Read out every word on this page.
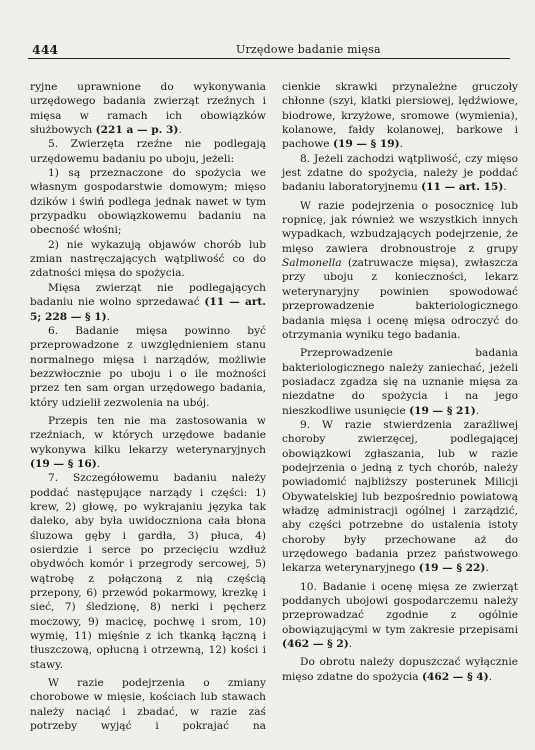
444	Urzędowe badanie mięsa

ryjne uprawnione do wykonywania urzędowego badania zwierząt rzeźnych i mięsa w ramach ich obowiązków służbowych (221 a — p. 3).

5. Zwierzęta rzeźne nie podlegają urzędowemu badaniu po uboju, jeżeli:

1) są przeznaczone do spożycia we własnym gospodarstwie domowym; mięso dzików i świń podlega jednak nawet w tym przypadku obowiązkowemu badaniu na obecność włośni;

2) nie wykazują objawów chorób lub zmian nastręczających wątpliwość co do zdatności mięsa do spożycia.

Mięsa zwierząt nie podlegających badaniu nie wolno sprzedawać (11 — art. 5; 228 — § 1).

6. Badanie mięsa powinno być przeprowadzone z uwzględnieniem stanu normalnego mięsa i narządów, możliwie bezzwłocznie po uboju i o ile możności przez ten sam organ urzędowego badania, który udzielił zezwolenia na ubój.

Przepis ten nie ma zastosowania w rzeźniach, w których urzędowe badanie wykonywa kilku lekarzy weterynaryjnych (19 — § 16).

7. Szczegółowemu badaniu należy poddać następujące narządy i części: 1) krew, 2) głowę, po wykrajaniu języka tak daleko, aby była uwidoczniona cała błona śluzowa gęby i gardła, 3) płuca, 4) osierdzie i serce po przecięciu wzdłuż obydwóch komór i przegrody sercowej, 5) wątrobę z połączoną z nią częścią przepony, 6) przewód pokarmowy, krezkę i sieć, 7) śledzionę, 8) nerki i pęcherz moczowy, 9) macicę, pochwę i srom, 10) wymię, 11) mięśnie z ich tkanką łączną i tłuszczową, opłucną i otrzewną, 12) kości i stawy.

W razie podejrzenia o zmiany chorobowe w mięsie, kościach lub stawach należy naciąć i zbadać, w razie zaś potrzeby wyjąć i pokrajać na

cienkie skrawki przynależne gruczoły chłonne (szyi, klatki piersiowej, lędźwiowe, biodrowe, krzyżowe, sromowe (wymienia), kolanowe, fałdy kolanowej, barkowe i pachowe (19 — § 19).

8. Jeżeli zachodzi wątpliwość, czy mięso jest zdatne do spożycia, należy je poddać badaniu laboratoryjnemu (11 — art. 15).

W razie podejrzenia o posocznicę lub ropnicę, jak również we wszystkich innych wypadkach, wzbudzających podejrzenie, że mięso zawiera drobnoustroje z grupy Salmonella (zatruwacze mięsa), zwłaszcza przy uboju z konieczności, lekarz weterynaryjny powinien spowodować przeprowadzenie bakteriologicznego badania mięsa i ocenę mięsa odroczyć do otrzymania wyniku tego badania.

Przeprowadzenie badania bakteriologicznego należy zaniechać, jeżeli posiadacz zgadza się na uznanie mięsa za niezdatne do spożycia i na jego nieszkodliwe usunięcie (19 — § 21).

9. W razie stwierdzenia zaraźliwej choroby zwierzęcej, podlegającej obowiązkowi zgłaszania, lub w razie podejrzenia o jedną z tych chorób, należy powiadomić najbliższy posterunek Milicji Obywatelskiej lub bezpośrednio powiatową władzę administracji ogólnej i zarządzić, aby części potrzebne do ustalenia istoty choroby były przechowane aż do urzędowego badania przez państwowego lekarza weterynaryjnego (19 — § 22).

10. Badanie i ocenę mięsa ze zwierząt poddanych ubojowi gospodarczemu należy przeprowadzać zgodnie z ogólnie obowiązującymi w tym zakresie przepisami (462 — § 2).

Do obrotu należy dopuszczać wyłącznie mięso zdatne do spożycia (462 — § 4).
